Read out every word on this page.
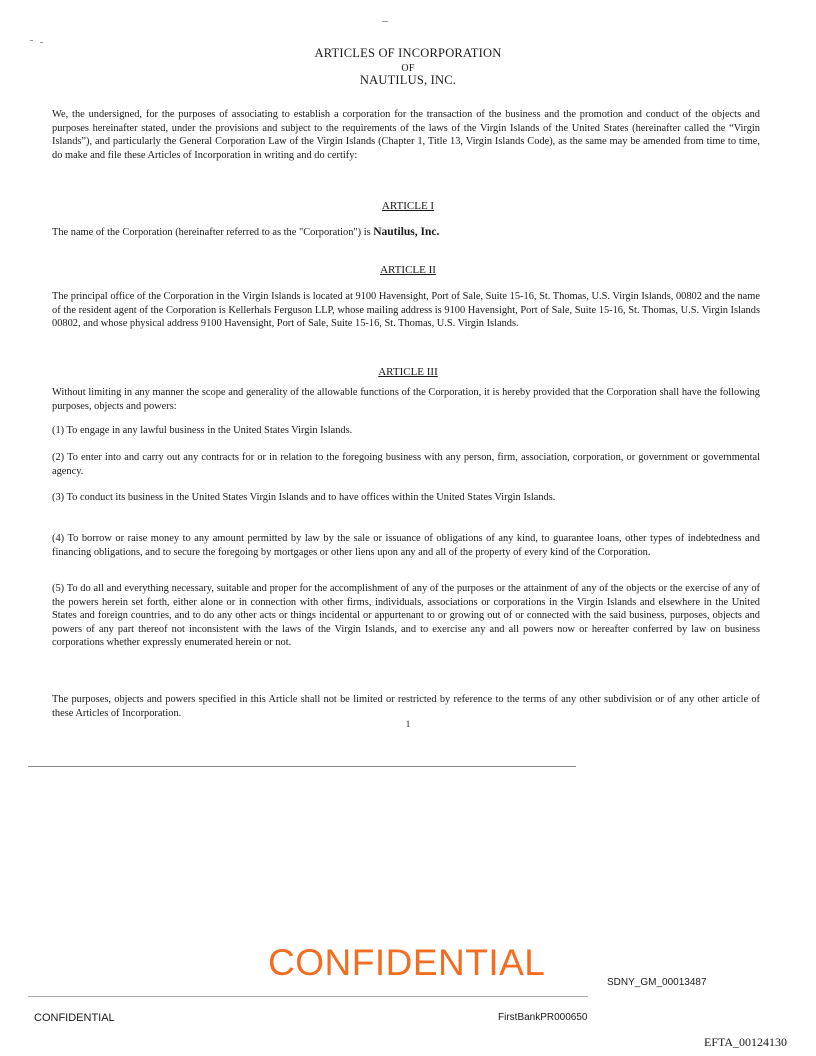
ARTICLES OF INCORPORATION
OF
NAUTILUS, INC.
We, the undersigned, for the purposes of associating to establish a corporation for the transaction of the business and the promotion and conduct of the objects and purposes hereinafter stated, under the provisions and subject to the requirements of the laws of the Virgin Islands of the United States (hereinafter called the “Virgin Islands”), and particularly the General Corporation Law of the Virgin Islands (Chapter 1, Title 13, Virgin Islands Code), as the same may be amended from time to time, do make and file these Articles of Incorporation in writing and do certify:
ARTICLE I
The name of the Corporation (hereinafter referred to as the "Corporation") is Nautilus, Inc.
ARTICLE II
The principal office of the Corporation in the Virgin Islands is located at 9100 Havensight, Port of Sale, Suite 15-16, St. Thomas, U.S. Virgin Islands, 00802 and the name of the resident agent of the Corporation is Kellerhals Ferguson LLP, whose mailing address is 9100 Havensight, Port of Sale, Suite 15-16, St. Thomas, U.S. Virgin Islands 00802, and whose physical address 9100 Havensight, Port of Sale, Suite 15-16, St. Thomas, U.S. Virgin Islands.
ARTICLE III
Without limiting in any manner the scope and generality of the allowable functions of the Corporation, it is hereby provided that the Corporation shall have the following purposes, objects and powers:
(1) To engage in any lawful business in the United States Virgin Islands.
(2) To enter into and carry out any contracts for or in relation to the foregoing business with any person, firm, association, corporation, or government or governmental agency.
(3) To conduct its business in the United States Virgin Islands and to have offices within the United States Virgin Islands.
(4) To borrow or raise money to any amount permitted by law by the sale or issuance of obligations of any kind, to guarantee loans, other types of indebtedness and financing obligations, and to secure the foregoing by mortgages or other liens upon any and all of the property of every kind of the Corporation.
(5) To do all and everything necessary, suitable and proper for the accomplishment of any of the purposes or the attainment of any of the objects or the exercise of any of the powers herein set forth, either alone or in connection with other firms, individuals, associations or corporations in the Virgin Islands and elsewhere in the United States and foreign countries, and to do any other acts or things incidental or appurtenant to or growing out of or connected with the said business, purposes, objects and powers of any part thereof not inconsistent with the laws of the Virgin Islands, and to exercise any and all powers now or hereafter conferred by law on business corporations whether expressly enumerated herein or not.
The purposes, objects and powers specified in this Article shall not be limited or restricted by reference to the terms of any other subdivision or of any other article of these Articles of Incorporation.
1
SDNY_GM_00013487
CONFIDENTIAL
CONFIDENTIAL	FirstBankPR000650
EFTA_00124130
